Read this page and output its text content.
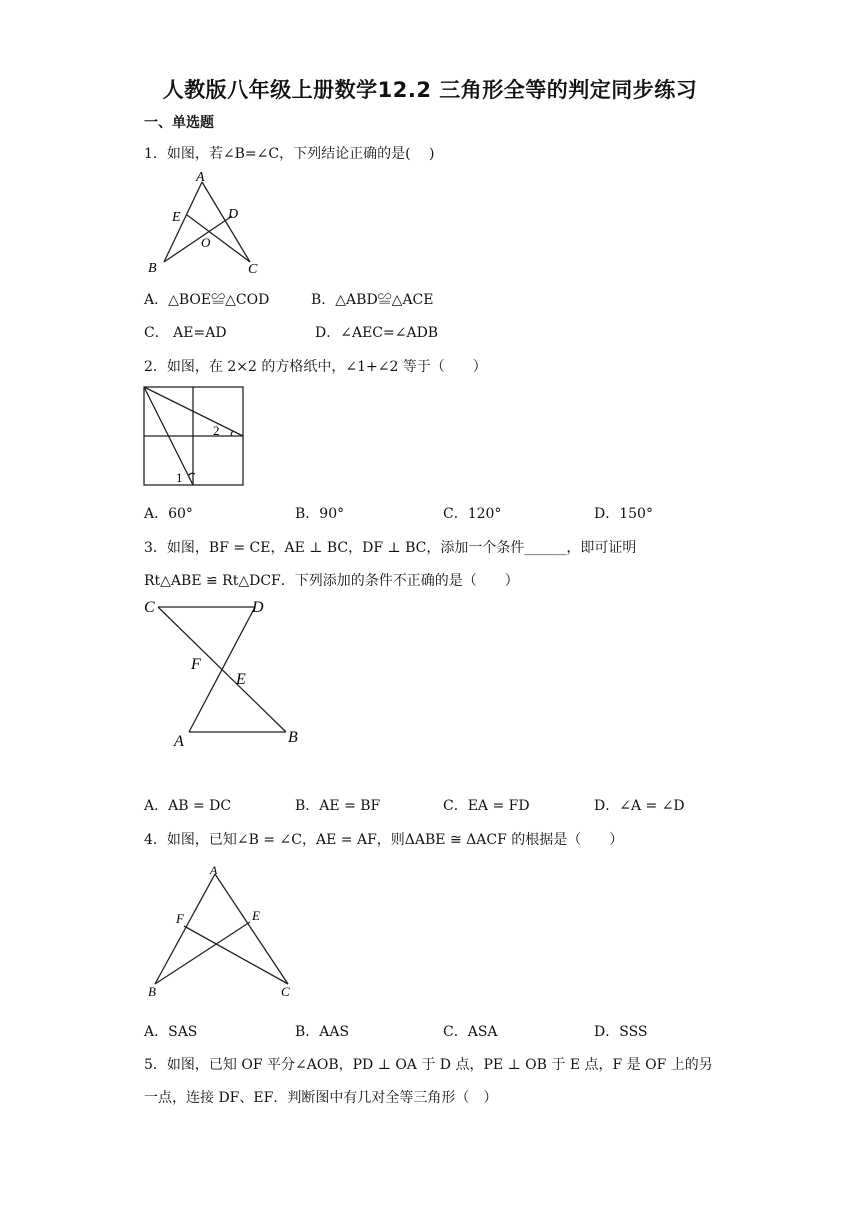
人教版八年级上册数学12.2 三角形全等的判定同步练习
一、单选题
1．如图，若∠B=∠C，下列结论正确的是(　 )
A
B	C
D
E
O
A．△BOE≌△COD	B．△ABD≌△ACE
C． AE=AD	D．∠AEC=∠ADB
2．如图，在 2×2 的方格纸中，∠1+∠2 等于（　　）
1
2
A．60°	B．90°	C．120°	D．150°
3．如图，BF = CE，AE ⊥ BC，DF ⊥ BC，添加一个条件______，即可证明
Rt△ABE ≌ Rt△DCF．下列添加的条件不正确的是（　　）
C	D
F
E
A	B
A．AB = DC	B．AE = BF	C．EA = FD	D．∠A = ∠D
4．如图，已知∠B = ∠C，AE = AF，则ΔABE ≅ ΔACF 的根据是（　　）
A
F	E
B	C
A．SAS	B．AAS	C．ASA	D．SSS
5．如图，已知 OF 平分∠AOB，PD ⊥ OA 于 D 点，PE ⊥ OB 于 E 点，F 是 OF 上的另
一点，连接 DF、EF．判断图中有几对全等三角形（　）
